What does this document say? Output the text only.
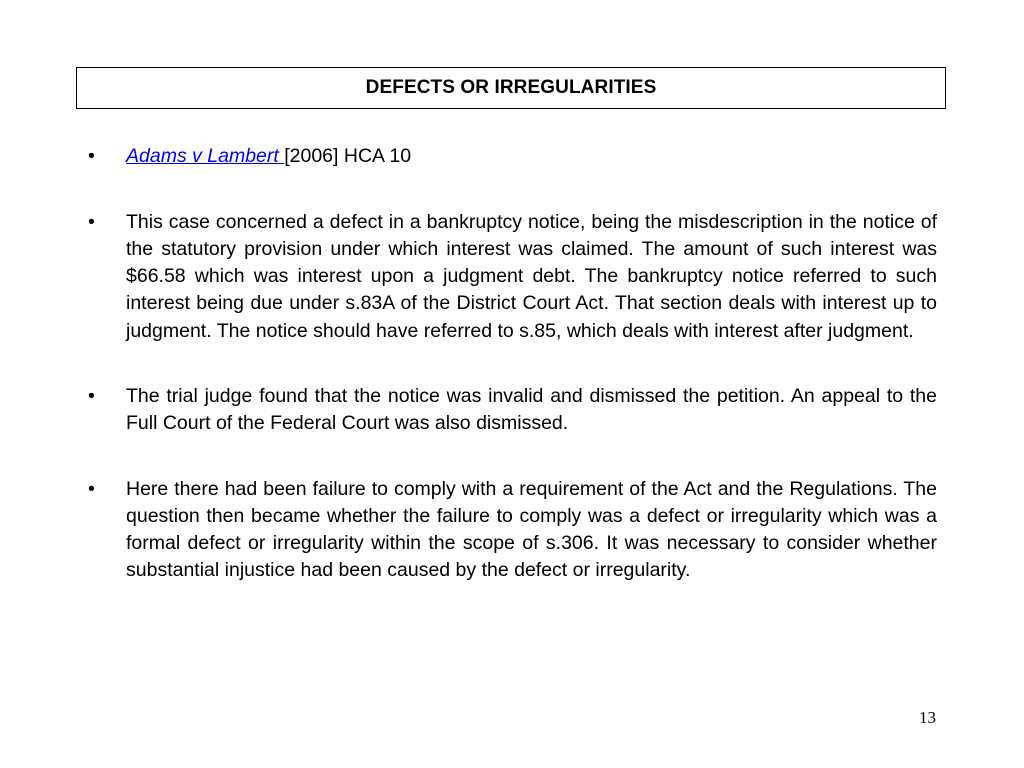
DEFECTS OR IRREGULARITIES
•	Adams v Lambert [2006] HCA 10
•	This case concerned a defect in a bankruptcy notice, being the misdescription in the notice of the statutory provision under which interest was claimed. The amount of such interest was $66.58 which was interest upon a judgment debt. The bankruptcy notice referred to such interest being due under s.83A of the District Court Act. That section deals with interest up to judgment. The notice should have referred to s.85, which deals with interest after judgment.
•	The trial judge found that the notice was invalid and dismissed the petition. An appeal to the Full Court of the Federal Court was also dismissed.
•	Here there had been failure to comply with a requirement of the Act and the Regulations. The question then became whether the failure to comply was a defect or irregularity which was a formal defect or irregularity within the scope of s.306. It was necessary to consider whether substantial injustice had been caused by the defect or irregularity.
13
